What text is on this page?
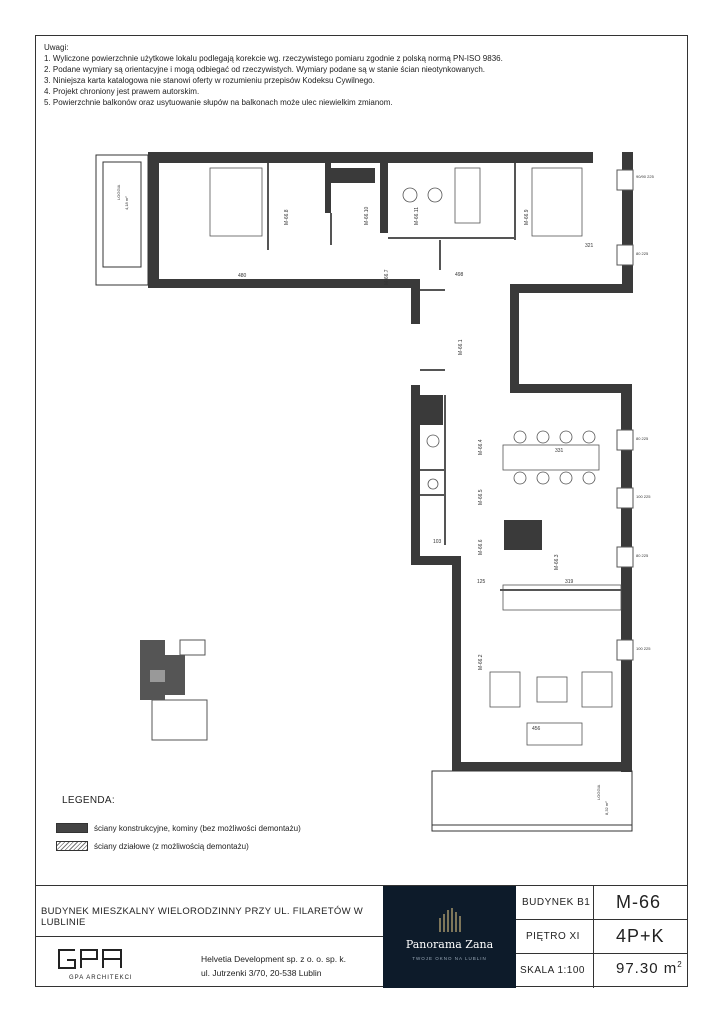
Uwagi:
1. Wyliczone powierzchnie użytkowe lokalu podlegają korekcie wg. rzeczywistego pomiaru zgodnie z polską normą PN-ISO 9836.
2. Podane wymiary są orientacyjne i mogą odbiegać od rzeczywistych. Wymiary podane są w stanie ścian nieotynkowanych.
3. Niniejsza karta katalogowa nie stanowi oferty w rozumieniu przepisów Kodeksu Cywilnego.
4. Projekt chroniony jest prawem autorskim.
5. Powierzchnie balkonów oraz usytuowanie słupów na balkonach może ulec niewielkim zmianom.
M-66.8	M-66.10	M-66.11	M-66.9
M-66.7
M-66.1
M-66.4
M-66.5
M-66.6
M-66.3
M-66.2
480	498
321
331
456
319
125
103
LOGGIA
4,18 m²
LOGGIA
8,32 m²
90/90 225
80 225
80 225
100 225
80 225
100 225
LEGENDA:
ściany konstrukcyjne, kominy (bez możliwości demontażu)
ściany działowe (z możliwością demontażu)
BUDYNEK MIESZKALNY WIELORODZINNY PRZY UL. FILARETÓW W LUBLINIE
GPA ARCHITEKCI
Helvetia Development sp. z o. o. sp. k.
ul. Jutrzenki 3/70, 20-538 Lublin
Panorama Zana
TWOJE OKNO NA LUBLIN
BUDYNEK B1 M-66
PIĘTRO XI 4P+K
SKALA 1:100 97.30 $m^2$
